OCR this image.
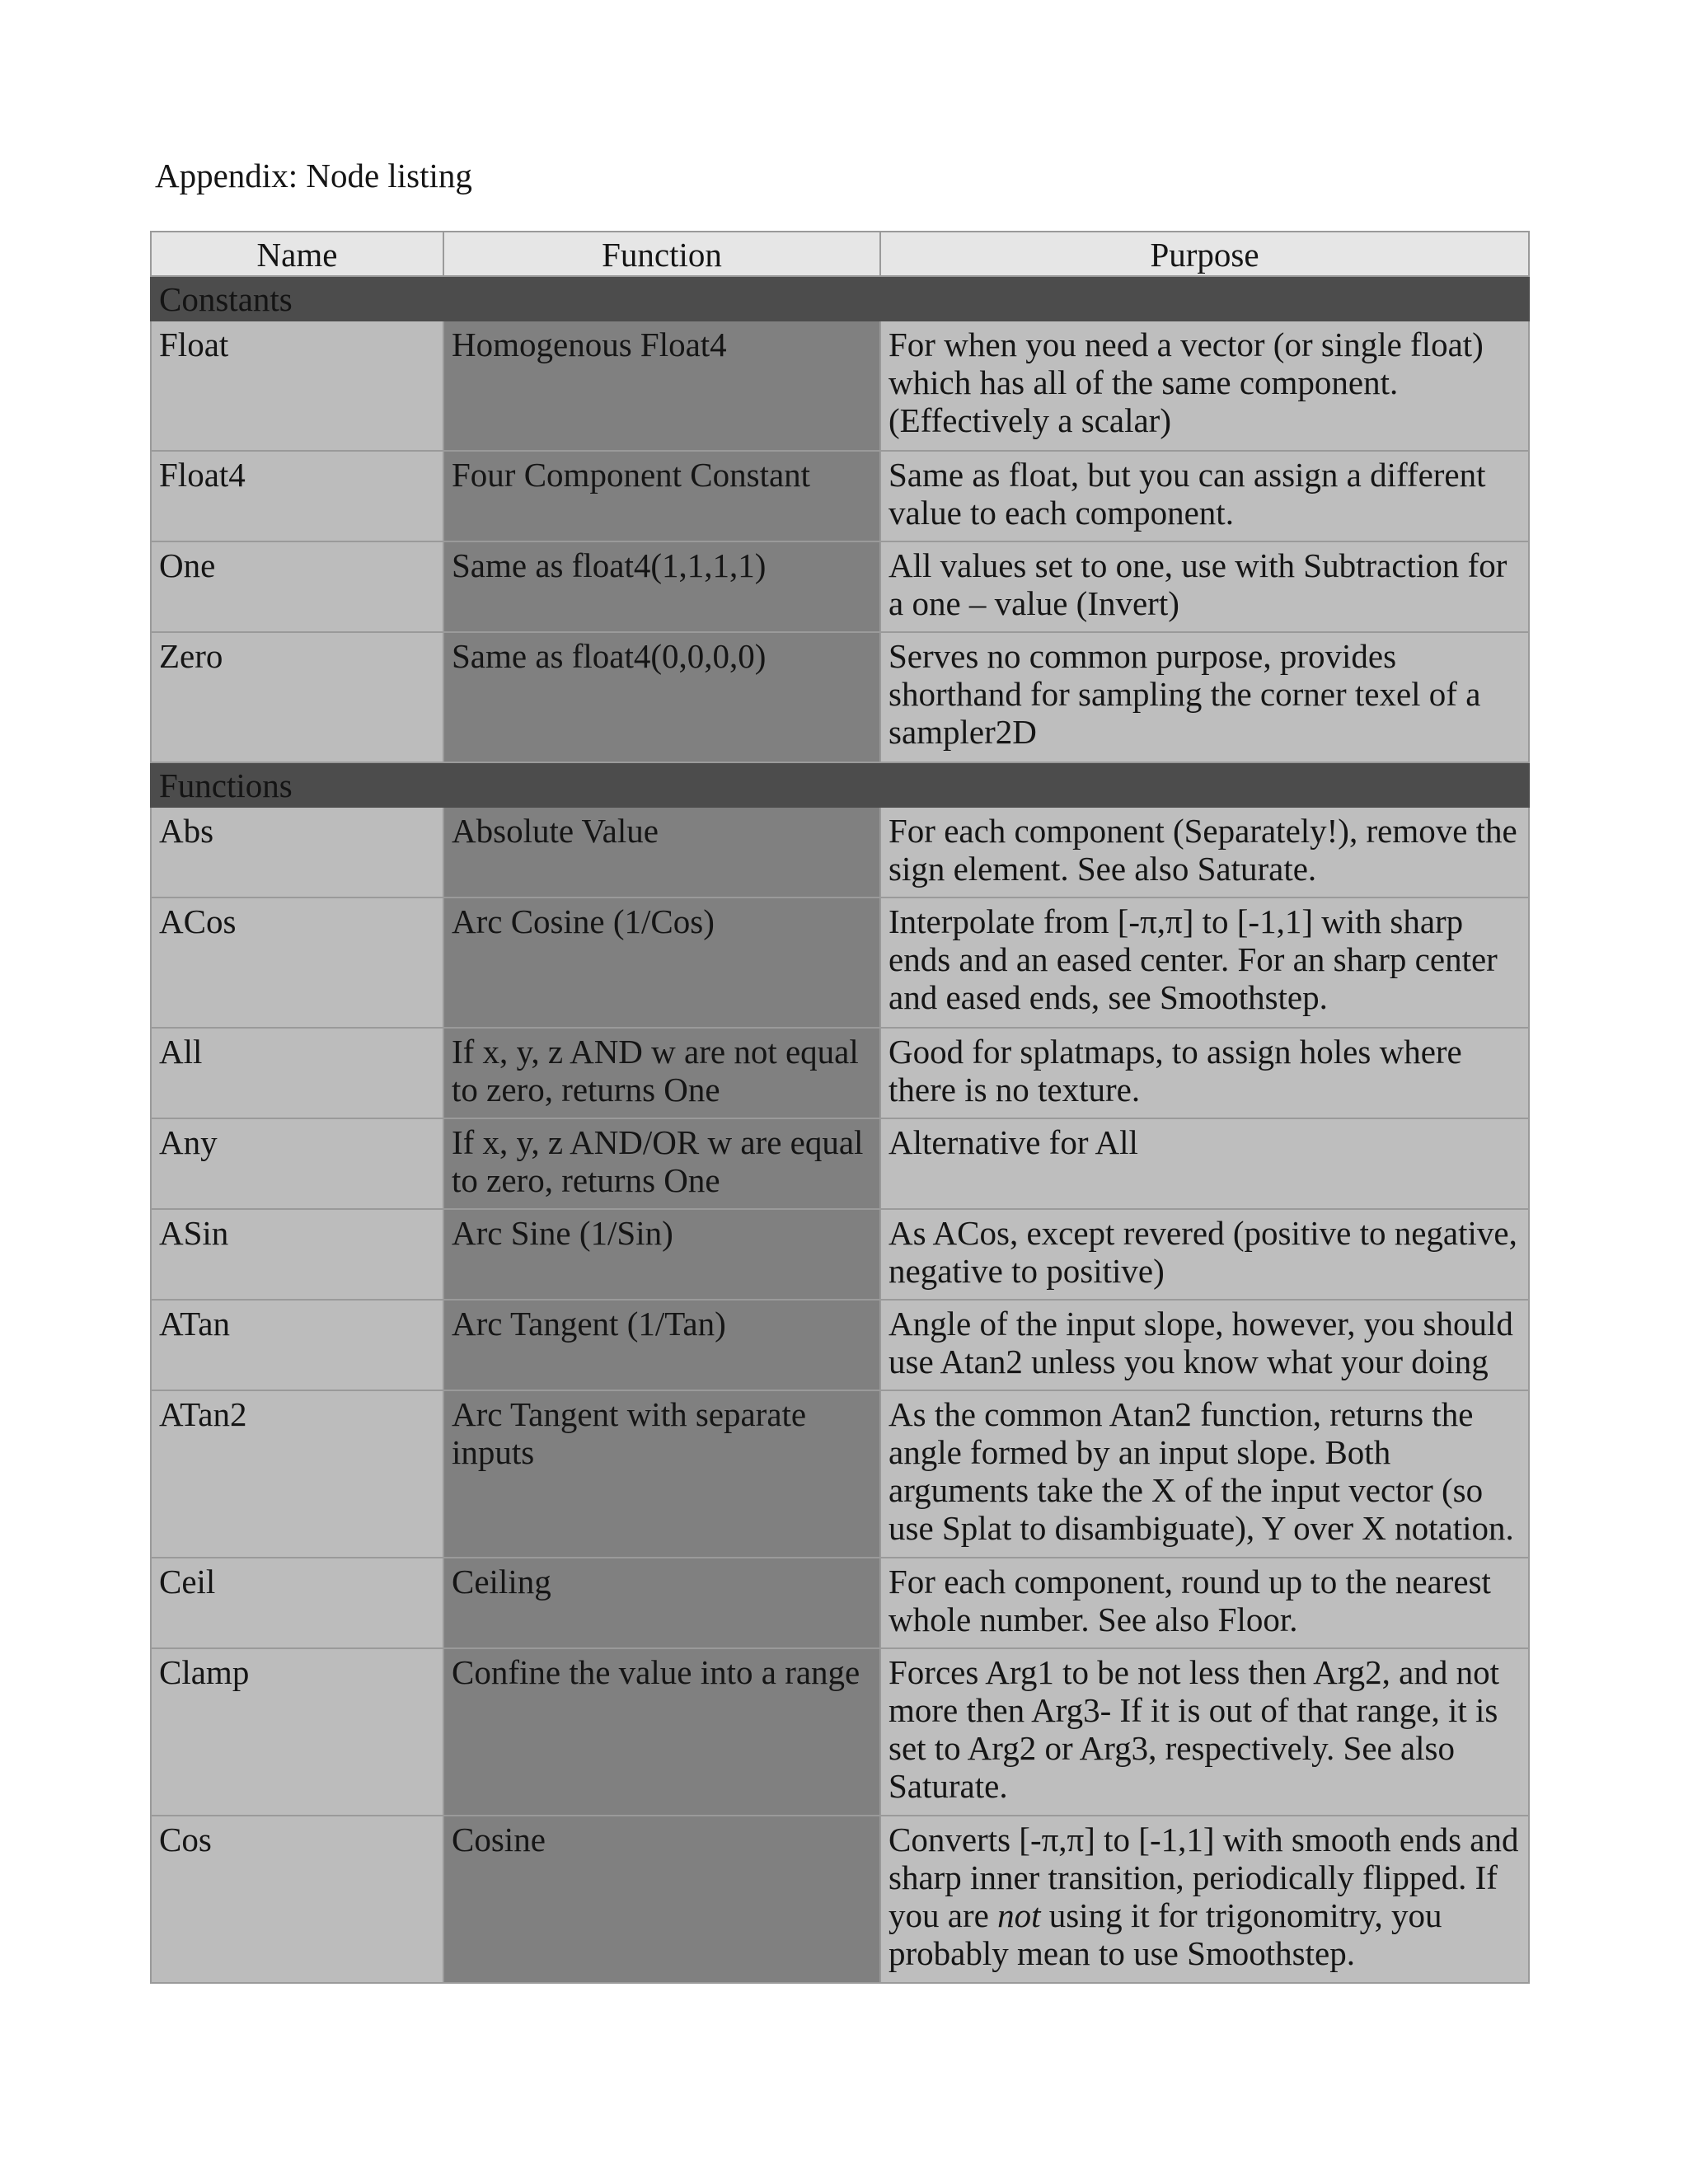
Appendix: Node listing
Name	Function	Purpose
Constants		
Float	Homogenous Float4	For when you need a vector (or single float) which has all of the same component. (Effectively a scalar)
Float4	Four Component Constant	Same as float, but you can assign a different value to each component.
One	Same as float4(1,1,1,1)	All values set to one, use with Subtraction for a one – value (Invert)
Zero	Same as float4(0,0,0,0)	Serves no common purpose, provides shorthand for sampling the corner texel of a sampler2D
Functions		
Abs	Absolute Value	For each component (Separately!), remove the sign element. See also Saturate.
ACos	Arc Cosine (1/Cos)	Interpolate from [-π,π] to [-1,1] with sharp ends and an eased center. For an sharp center and eased ends, see Smoothstep.
All	If x, y, z AND w are not equal to zero, returns One	Good for splatmaps, to assign holes where there is no texture.
Any	If x, y, z AND/OR w are equal to zero, returns One	Alternative for All
ASin	Arc Sine (1/Sin)	As ACos, except revered (positive to negative, negative to positive)
ATan	Arc Tangent (1/Tan)	Angle of the input slope, however, you should use Atan2 unless you know what your doing
ATan2	Arc Tangent with separate inputs	As the common Atan2 function, returns the angle formed by an input slope. Both arguments take the X of the input vector (so use Splat to disambiguate), Y over X notation.
Ceil	Ceiling	For each component, round up to the nearest whole number. See also Floor.
Clamp	Confine the value into a range	Forces Arg1 to be not less then Arg2, and not more then Arg3- If it is out of that range, it is set to Arg2 or Arg3, respectively. See also Saturate.
Cos	Cosine	Converts [-π,π] to [-1,1] with smooth ends and sharp inner transition, periodically flipped. If you are not using it for trigonomitry, you probably mean to use Smoothstep.
